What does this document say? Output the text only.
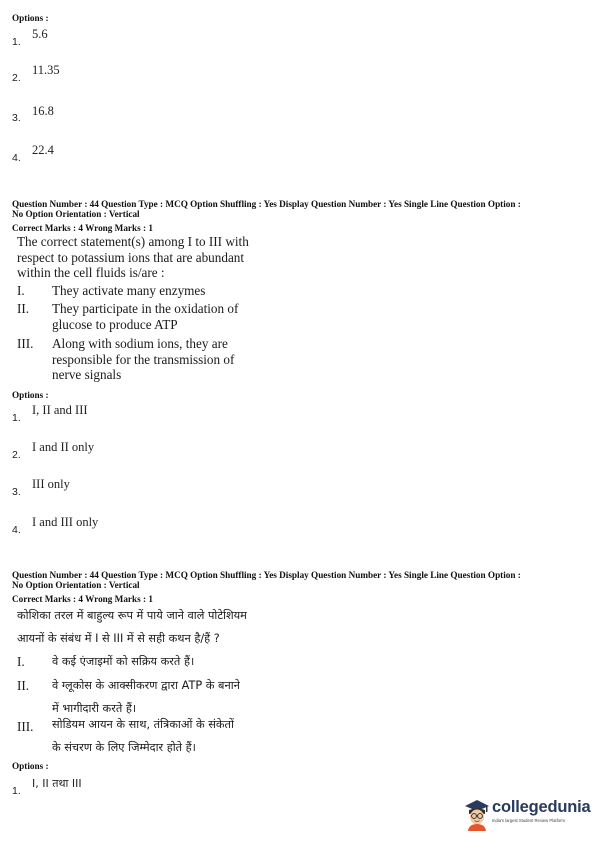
Options :
1.
5.6
2.
11.35
3. 16.8
4.
22.4
Question Number : 44 Question Type : MCQ Option Shuffling : Yes Display Question Number : Yes Single Line Question Option :
No Option Orientation : Vertical
Correct Marks : 4 Wrong Marks : 1
The correct statement(s) among I to III with
respect to potassium ions that are abundant
within the cell fluids is/are :
I. They activate many enzymes
II. They participate in the oxidation of
glucose to produce ATP
III. Along with sodium ions, they are
responsible for the transmission of
nerve signals
Options :
1.
I, II and III
2.
I and II only
3.
III only
4.
I and III only
Question Number : 44 Question Type : MCQ Option Shuffling : Yes Display Question Number : Yes Single Line Question Option :
No Option Orientation : Vertical
Correct Marks : 4 Wrong Marks : 1
कोशिका तरल में बाहुल्य रूप में पाये जाने वाले पोटेशियम
आयनों के संबंध में I से III में से सही कथन है/हैं ?
I. वे कई एंजाइमों को सक्रिय करते हैं।
II. वे ग्लूकोस के आक्सीकरण द्वारा ATP के बनाने
में भागीदारी करते हैं।
III. सोडियम आयन के साथ, तंत्रिकाओं के संकेतों
के संचरण के लिए जिम्मेदार होते हैं।
Options :
1.
I, II तथा III
collegedunia
India's largest Student Review Platform
